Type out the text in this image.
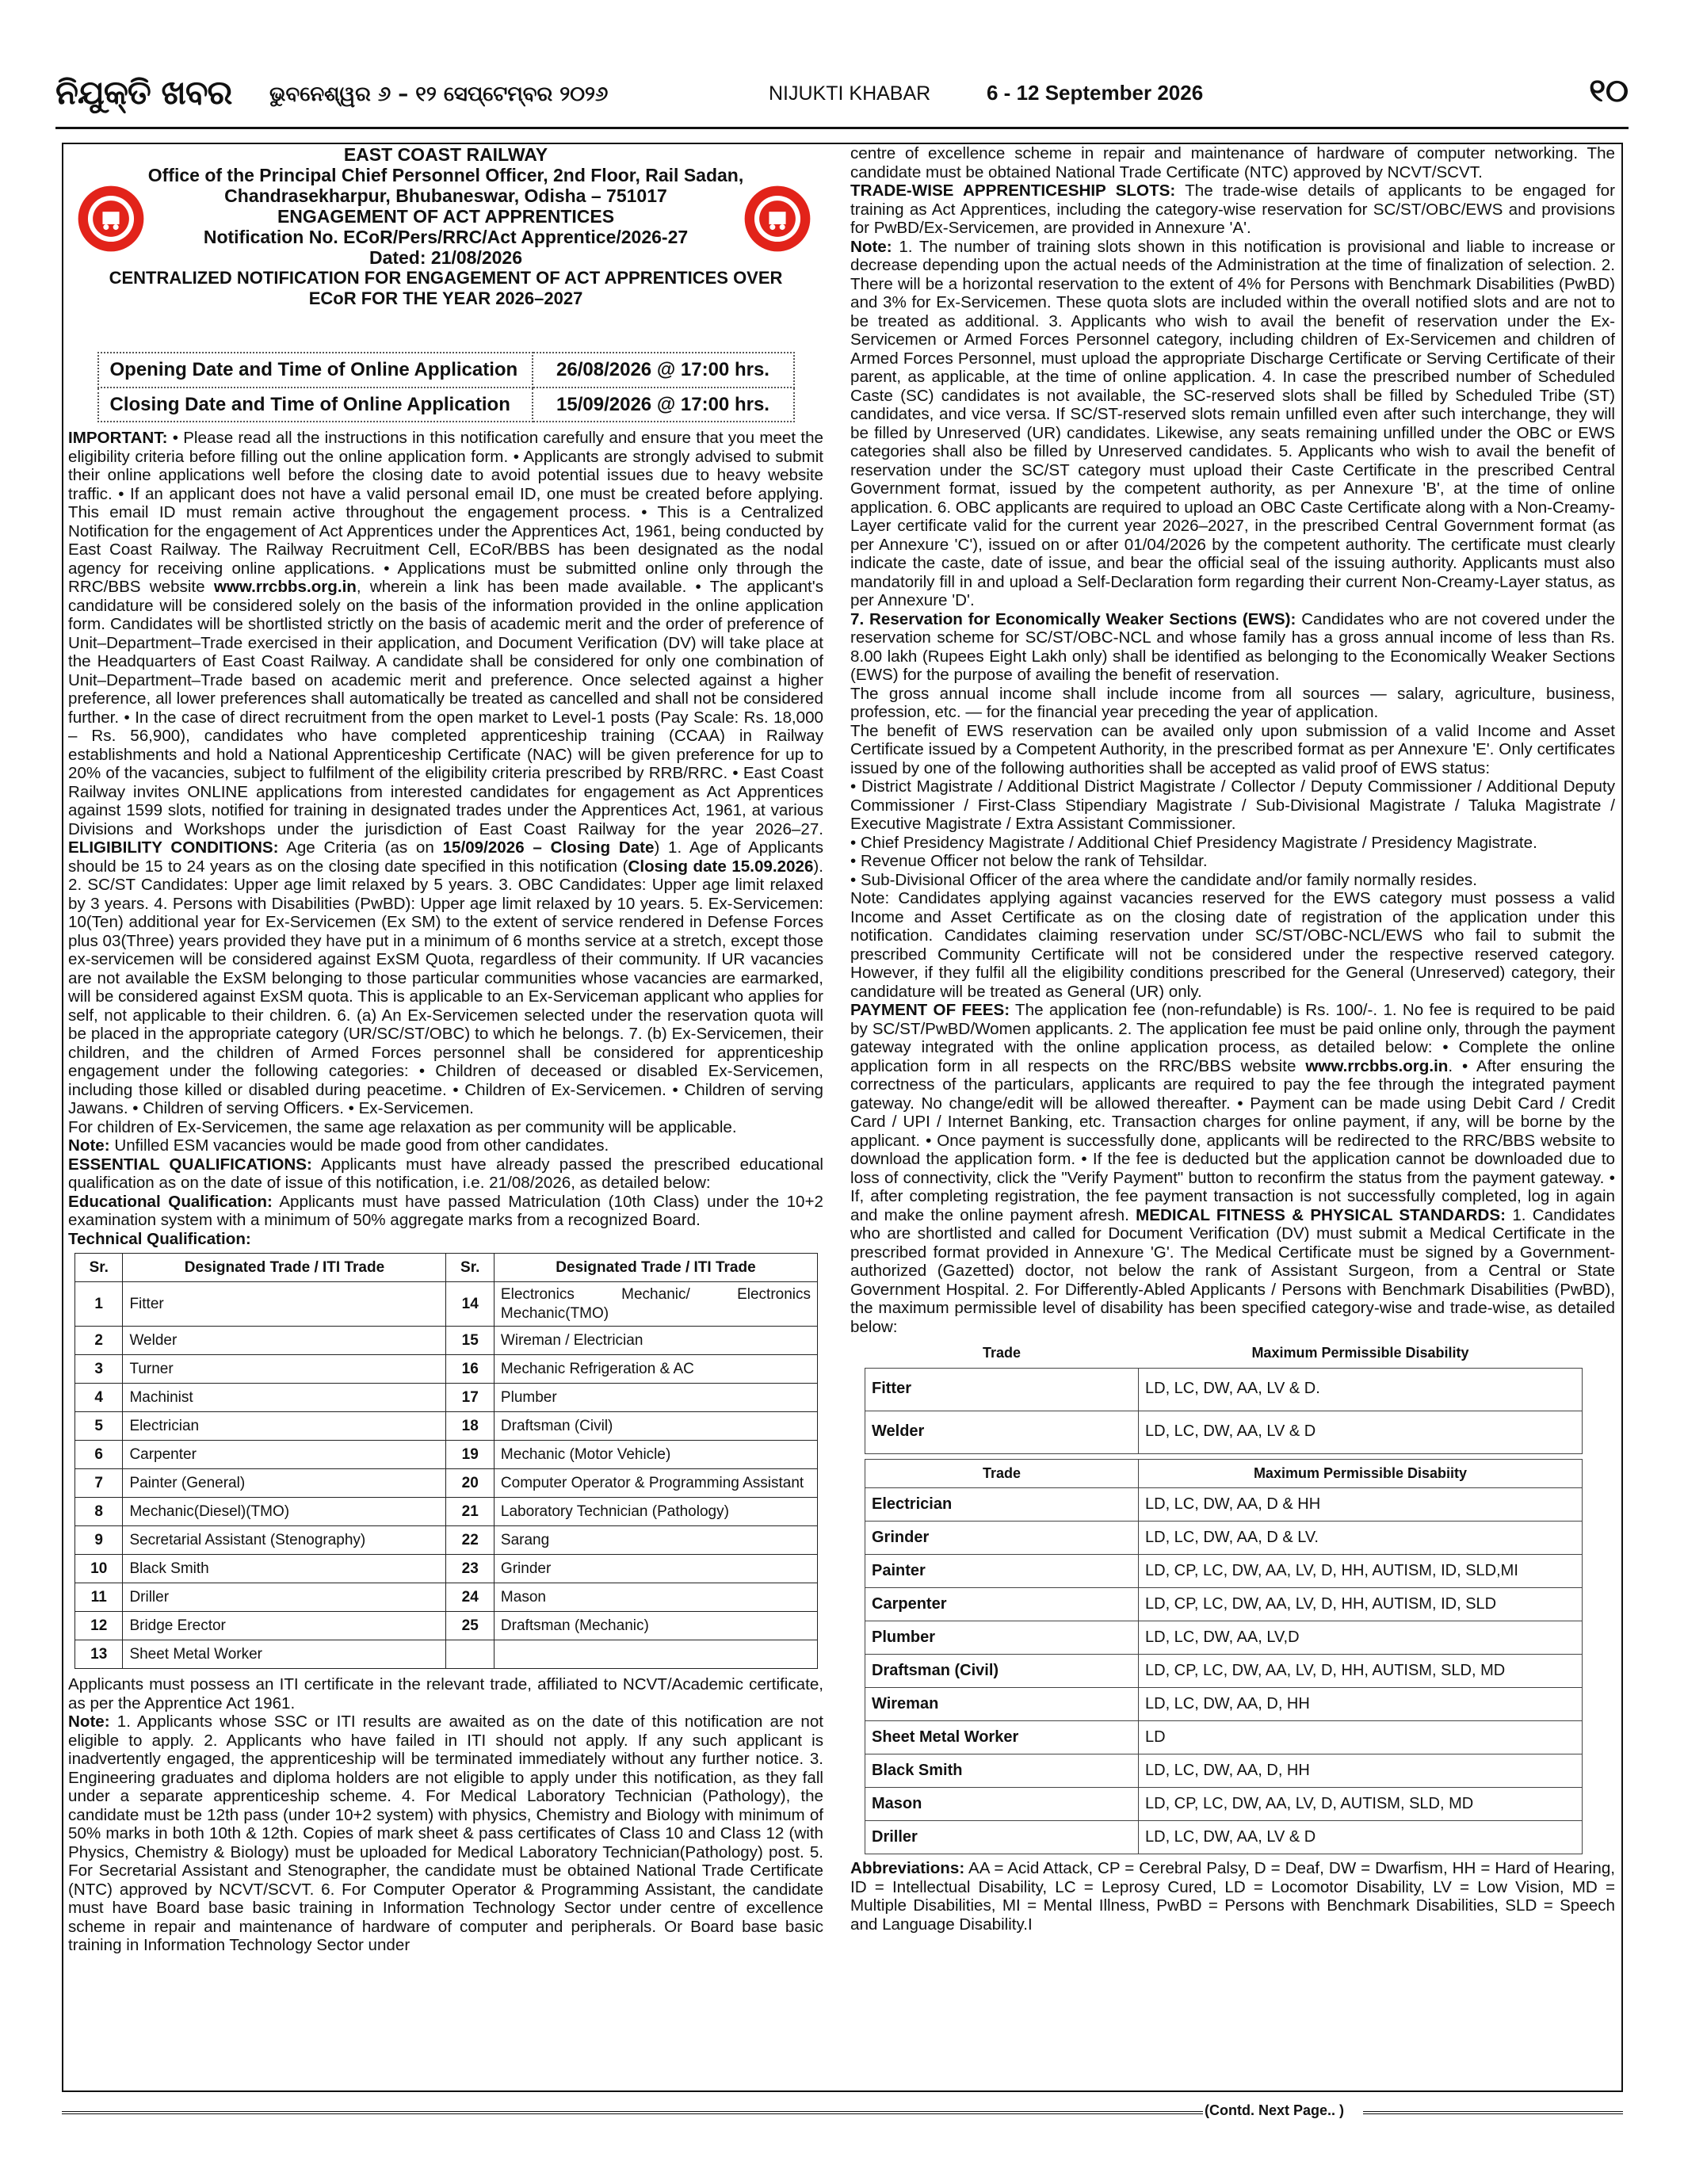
ନିଯୁକ୍ତି ଖବର ଭୁବନେଶ୍ୱର ୬ – ୧୨ ସେପ୍ଟେମ୍ବର ୨୦୨୬	NIJUKTI KHABAR	6 - 12 September 2026	୧୦
EAST COAST RAILWAY
Office of the Principal Chief Personnel Officer, 2nd Floor, Rail Sadan,
Chandrasekharpur, Bhubaneswar, Odisha – 751017
ENGAGEMENT OF ACT APPRENTICES
Notification No. ECoR/Pers/RRC/Act Apprentice/2026-27
Dated: 21/08/2026
CENTRALIZED NOTIFICATION FOR ENGAGEMENT OF ACT APPRENTICES OVER
ECoR FOR THE YEAR 2026–2027
Opening Date and Time of Online Application	26/08/2026 @ 17:00 hrs.
Closing Date and Time of Online Application	15/09/2026 @ 17:00 hrs.

IMPORTANT: • Please read all the instructions in this notification carefully and ensure that you meet the eligibility criteria before filling out the online application form. • Applicants are strongly advised to submit their online applications well before the closing date to avoid potential issues due to heavy website traffic. • If an applicant does not have a valid personal email ID, one must be created before applying. This email ID must remain active throughout the engagement process. • This is a Centralized Notification for the engagement of Act Apprentices under the Apprentices Act, 1961, being conducted by East Coast Railway. The Railway Recruitment Cell, ECoR/BBS has been designated as the nodal agency for receiving online applications. • Applications must be submitted online only through the RRC/BBS website www.rrcbbs.org.in, wherein a link has been made available. • The applicant's candidature will be considered solely on the basis of the information provided in the online application form. Candidates will be shortlisted strictly on the basis of academic merit and the order of preference of Unit–Department–Trade exercised in their application, and Document Verification (DV) will take place at the Headquarters of East Coast Railway. A candidate shall be considered for only one combination of Unit–Department–Trade based on academic merit and preference. Once selected against a higher preference, all lower preferences shall automatically be treated as cancelled and shall not be considered further. • In the case of direct recruitment from the open market to Level-1 posts (Pay Scale: Rs. 18,000 – Rs. 56,900), candidates who have completed apprenticeship training (CCAA) in Railway establishments and hold a National Apprenticeship Certificate (NAC) will be given preference for up to 20% of the vacancies, subject to fulfilment of the eligibility criteria prescribed by RRB/RRC. • East Coast Railway invites ONLINE applications from interested candidates for engagement as Act Apprentices against 1599 slots, notified for training in designated trades under the Apprentices Act, 1961, at various Divisions and Workshops under the jurisdiction of East Coast Railway for the year 2026–27. ELIGIBILITY CONDITIONS: Age Criteria (as on 15/09/2026 – Closing Date) 1. Age of Applicants should be 15 to 24 years as on the closing date specified in this notification (Closing date 15.09.2026). 2. SC/ST Candidates: Upper age limit relaxed by 5 years. 3. OBC Candidates: Upper age limit relaxed by 3 years. 4. Persons with Disabilities (PwBD): Upper age limit relaxed by 10 years. 5. Ex-Servicemen: 10(Ten) additional year for Ex-Servicemen (Ex SM) to the extent of service rendered in Defense Forces plus 03(Three) years provided they have put in a minimum of 6 months service at a stretch, except those ex-servicemen will be considered against ExSM Quota, regardless of their community. If UR vacancies are not available the ExSM belonging to those particular communities whose vacancies are earmarked, will be considered against ExSM quota. This is applicable to an Ex-Serviceman applicant who applies for self, not applicable to their children. 6. (a) An Ex-Servicemen selected under the reservation quota will be placed in the appropriate category (UR/SC/ST/OBC) to which he belongs. 7. (b) Ex-Servicemen, their children, and the children of Armed Forces personnel shall be considered for apprenticeship engagement under the following categories: • Children of deceased or disabled Ex-Servicemen, including those killed or disabled during peacetime. • Children of Ex-Servicemen. • Children of serving Jawans. • Children of serving Officers. • Ex-Servicemen.

For children of Ex-Servicemen, the same age relaxation as per community will be applicable.

Note: Unfilled ESM vacancies would be made good from other candidates.

ESSENTIAL QUALIFICATIONS: Applicants must have already passed the prescribed educational qualification as on the date of issue of this notification, i.e. 21/08/2026, as detailed below:

Educational Qualification: Applicants must have passed Matriculation (10th Class) under the 10+2 examination system with a minimum of 50% aggregate marks from a recognized Board.

Technical Qualification:

Sr.	Designated Trade / ITI Trade	Sr.	Designated Trade / ITI Trade
1	Fitter	14	Electronics Mechanic/ Electronics Mechanic(TMO)
2	Welder	15	Wireman / Electrician
3	Turner	16	Mechanic Refrigeration & AC
4	Machinist	17	Plumber
5	Electrician	18	Draftsman (Civil)
6	Carpenter	19	Mechanic (Motor Vehicle)
7	Painter (General)	20	Computer Operator & Programming Assistant
8	Mechanic(Diesel)(TMO)	21	Laboratory Technician (Pathology)
9	Secretarial Assistant (Stenography)	22	Sarang
10	Black Smith	23	Grinder
11	Driller	24	Mason
12	Bridge Erector	25	Draftsman (Mechanic)
13	Sheet Metal Worker		

Applicants must possess an ITI certificate in the relevant trade, affiliated to NCVT/Academic certificate, as per the Apprentice Act 1961.

Note: 1. Applicants whose SSC or ITI results are awaited as on the date of this notification are not eligible to apply. 2. Applicants who have failed in ITI should not apply. If any such applicant is inadvertently engaged, the apprenticeship will be terminated immediately without any further notice. 3. Engineering graduates and diploma holders are not eligible to apply under this notification, as they fall under a separate apprenticeship scheme. 4. For Medical Laboratory Technician (Pathology), the candidate must be 12th pass (under 10+2 system) with physics, Chemistry and Biology with minimum of 50% marks in both 10th & 12th. Copies of mark sheet & pass certificates of Class 10 and Class 12 (with Physics, Chemistry & Biology) must be uploaded for Medical Laboratory Technician(Pathology) post. 5. For Secretarial Assistant and Stenographer, the candidate must be obtained National Trade Certificate (NTC) approved by NCVT/SCVT. 6. For Computer Operator & Programming Assistant, the candidate must have Board base basic training in Information Technology Sector under centre of excellence scheme in repair and maintenance of hardware of computer and peripherals. Or Board base basic training in Information Technology Sector under

centre of excellence scheme in repair and maintenance of hardware of computer networking. The candidate must be obtained National Trade Certificate (NTC) approved by NCVT/SCVT.

TRADE-WISE APPRENTICESHIP SLOTS: The trade-wise details of applicants to be engaged for training as Act Apprentices, including the category-wise reservation for SC/ST/OBC/EWS and provisions for PwBD/Ex-Servicemen, are provided in Annexure 'A'.

Note: 1. The number of training slots shown in this notification is provisional and liable to increase or decrease depending upon the actual needs of the Administration at the time of finalization of selection. 2. There will be a horizontal reservation to the extent of 4% for Persons with Benchmark Disabilities (PwBD) and 3% for Ex-Servicemen. These quota slots are included within the overall notified slots and are not to be treated as additional. 3. Applicants who wish to avail the benefit of reservation under the Ex-Servicemen or Armed Forces Personnel category, including children of Ex-Servicemen and children of Armed Forces Personnel, must upload the appropriate Discharge Certificate or Serving Certificate of their parent, as applicable, at the time of online application. 4. In case the prescribed number of Scheduled Caste (SC) candidates is not available, the SC-reserved slots shall be filled by Scheduled Tribe (ST) candidates, and vice versa. If SC/ST-reserved slots remain unfilled even after such interchange, they will be filled by Unreserved (UR) candidates. Likewise, any seats remaining unfilled under the OBC or EWS categories shall also be filled by Unreserved candidates. 5. Applicants who wish to avail the benefit of reservation under the SC/ST category must upload their Caste Certificate in the prescribed Central Government format, issued by the competent authority, as per Annexure 'B', at the time of online application. 6. OBC applicants are required to upload an OBC Caste Certificate along with a Non-Creamy-Layer certificate valid for the current year 2026–2027, in the prescribed Central Government format (as per Annexure 'C'), issued on or after 01/04/2026 by the competent authority. The certificate must clearly indicate the caste, date of issue, and bear the official seal of the issuing authority. Applicants must also mandatorily fill in and upload a Self-Declaration form regarding their current Non-Creamy-Layer status, as per Annexure 'D'.

7. Reservation for Economically Weaker Sections (EWS): Candidates who are not covered under the reservation scheme for SC/ST/OBC-NCL and whose family has a gross annual income of less than Rs. 8.00 lakh (Rupees Eight Lakh only) shall be identified as belonging to the Economically Weaker Sections (EWS) for the purpose of availing the benefit of reservation.

The gross annual income shall include income from all sources — salary, agriculture, business, profession, etc. — for the financial year preceding the year of application.

The benefit of EWS reservation can be availed only upon submission of a valid Income and Asset Certificate issued by a Competent Authority, in the prescribed format as per Annexure 'E'. Only certificates issued by one of the following authorities shall be accepted as valid proof of EWS status:

• District Magistrate / Additional District Magistrate / Collector / Deputy Commissioner / Additional Deputy Commissioner / First-Class Stipendiary Magistrate / Sub-Divisional Magistrate / Taluka Magistrate / Executive Magistrate / Extra Assistant Commissioner.

• Chief Presidency Magistrate / Additional Chief Presidency Magistrate / Presidency Magistrate.

• Revenue Officer not below the rank of Tehsildar.

• Sub-Divisional Officer of the area where the candidate and/or family normally resides.

Note: Candidates applying against vacancies reserved for the EWS category must possess a valid Income and Asset Certificate as on the closing date of registration of the application under this notification. Candidates claiming reservation under SC/ST/OBC-NCL/EWS who fail to submit the prescribed Community Certificate will not be considered under the respective reserved category. However, if they fulfil all the eligibility conditions prescribed for the General (Unreserved) category, their candidature will be treated as General (UR) only.

PAYMENT OF FEES: The application fee (non-refundable) is Rs. 100/-. 1. No fee is required to be paid by SC/ST/PwBD/Women applicants. 2. The application fee must be paid online only, through the payment gateway integrated with the online application process, as detailed below: • Complete the online application form in all respects on the RRC/BBS website www.rrcbbs.org.in. • After ensuring the correctness of the particulars, applicants are required to pay the fee through the integrated payment gateway. No change/edit will be allowed thereafter. • Payment can be made using Debit Card / Credit Card / UPI / Internet Banking, etc. Transaction charges for online payment, if any, will be borne by the applicant. • Once payment is successfully done, applicants will be redirected to the RRC/BBS website to download the application form. • If the fee is deducted but the application cannot be downloaded due to loss of connectivity, click the "Verify Payment" button to reconfirm the status from the payment gateway. • If, after completing registration, the fee payment transaction is not successfully completed, log in again and make the online payment afresh. MEDICAL FITNESS & PHYSICAL STANDARDS: 1. Candidates who are shortlisted and called for Document Verification (DV) must submit a Medical Certificate in the prescribed format provided in Annexure 'G'. The Medical Certificate must be signed by a Government-authorized (Gazetted) doctor, not below the rank of Assistant Surgeon, from a Central or State Government Hospital. 2. For Differently-Abled Applicants / Persons with Benchmark Disabilities (PwBD), the maximum permissible level of disability has been specified category-wise and trade-wise, as detailed below:

Trade	Maximum Permissible Disability
Fitter	LD, LC, DW, AA, LV & D.
Welder	LD, LC, DW, AA, LV & D
Trade	Maximum Permissible Disabiity
Electrician	LD, LC, DW, AA, D & HH
Grinder	LD, LC, DW, AA, D & LV.
Painter	LD, CP, LC, DW, AA, LV, D, HH, AUTISM, ID, SLD,MI
Carpenter	LD, CP, LC, DW, AA, LV, D, HH, AUTISM, ID, SLD
Plumber	LD, LC, DW, AA, LV,D
Draftsman (Civil)	LD, CP, LC, DW, AA, LV, D, HH, AUTISM, SLD, MD
Wireman	LD, LC, DW, AA, D, HH
Sheet Metal Worker	LD
Black Smith	LD, LC, DW, AA, D, HH
Mason	LD, CP, LC, DW, AA, LV, D, AUTISM, SLD, MD
Driller	LD, LC, DW, AA, LV & D

Abbreviations: AA = Acid Attack, CP = Cerebral Palsy, D = Deaf, DW = Dwarfism, HH = Hard of Hearing, ID = Intellectual Disability, LC = Leprosy Cured, LD = Locomotor Disability, LV = Low Vision, MD = Multiple Disabilities, MI = Mental Illness, PwBD = Persons with Benchmark Disabilities, SLD = Speech and Language Disability.I

(Contd. Next Page.. )
